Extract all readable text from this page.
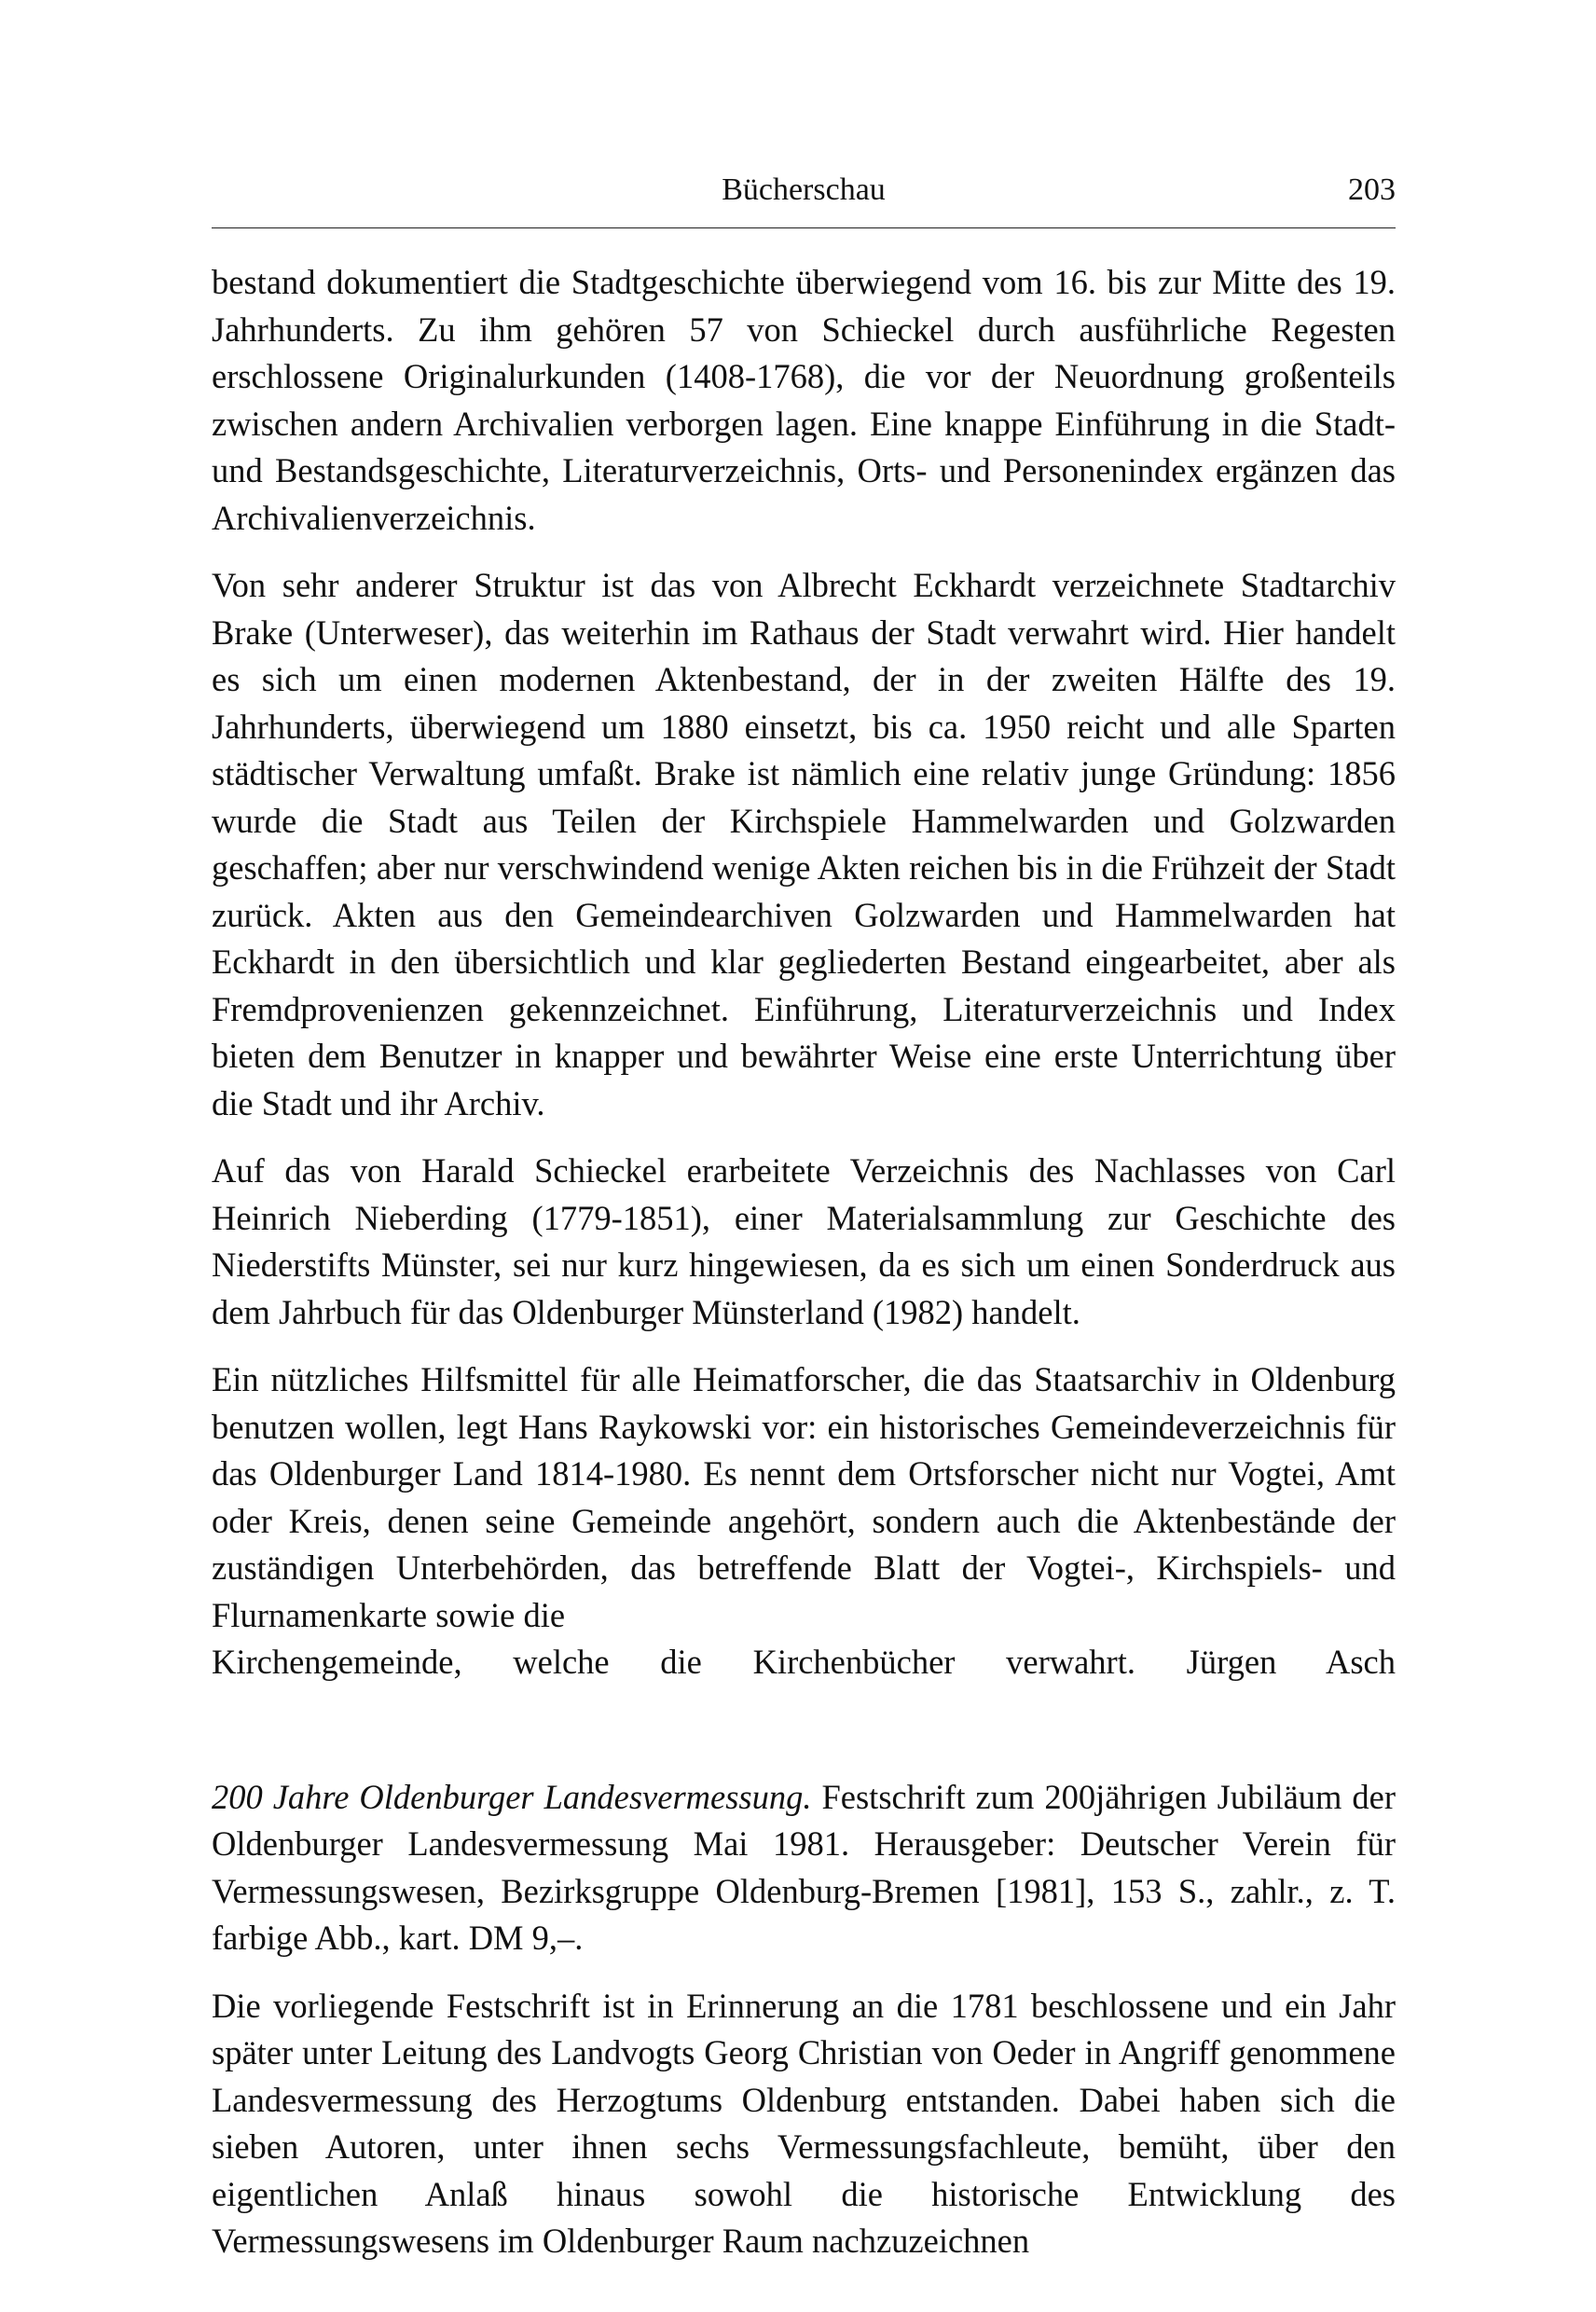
Bücherschau	203

bestand dokumentiert die Stadtgeschichte überwiegend vom 16. bis zur Mitte des 19. Jahrhunderts. Zu ihm gehören 57 von Schieckel durch ausführliche Regesten erschlossene Originalurkunden (1408-1768), die vor der Neuordnung großenteils zwischen andern Archivalien verborgen lagen. Eine knappe Einführung in die Stadt- und Bestandsgeschichte, Literaturverzeichnis, Orts- und Personenindex ergänzen das Archivalienverzeichnis.

Von sehr anderer Struktur ist das von Albrecht Eckhardt verzeichnete Stadtarchiv Brake (Unterweser), das weiterhin im Rathaus der Stadt verwahrt wird. Hier handelt es sich um einen modernen Aktenbestand, der in der zweiten Hälfte des 19. Jahrhunderts, überwiegend um 1880 einsetzt, bis ca. 1950 reicht und alle Sparten städtischer Verwaltung umfaßt. Brake ist nämlich eine relativ junge Gründung: 1856 wurde die Stadt aus Teilen der Kirchspiele Hammelwarden und Golzwarden geschaffen; aber nur verschwindend wenige Akten reichen bis in die Frühzeit der Stadt zurück. Akten aus den Gemeindearchiven Golzwarden und Hammelwarden hat Eckhardt in den übersichtlich und klar gegliederten Bestand eingearbeitet, aber als Fremdprovenienzen gekennzeichnet. Einführung, Literaturverzeichnis und Index bieten dem Benutzer in knapper und bewährter Weise eine erste Unterrichtung über die Stadt und ihr Archiv.

Auf das von Harald Schieckel erarbeitete Verzeichnis des Nachlasses von Carl Heinrich Nieberding (1779-1851), einer Materialsammlung zur Geschichte des Niederstifts Münster, sei nur kurz hingewiesen, da es sich um einen Sonderdruck aus dem Jahrbuch für das Oldenburger Münsterland (1982) handelt.

Ein nützliches Hilfsmittel für alle Heimatforscher, die das Staatsarchiv in Oldenburg benutzen wollen, legt Hans Raykowski vor: ein historisches Gemeindeverzeichnis für das Oldenburger Land 1814-1980. Es nennt dem Ortsforscher nicht nur Vogtei, Amt oder Kreis, denen seine Gemeinde angehört, sondern auch die Aktenbestände der zuständigen Unterbehörden, das betreffende Blatt der Vogtei-, Kirchspiels- und Flurnamenkarte sowie die
Kirchengemeinde, welche die Kirchenbücher verwahrt. Jürgen Asch

200 Jahre Oldenburger Landesvermessung. Festschrift zum 200jährigen Jubiläum der Oldenburger Landesvermessung Mai 1981. Herausgeber: Deutscher Verein für Vermessungswesen, Bezirksgruppe Oldenburg-Bremen [1981], 153 S., zahlr., z. T. farbige Abb., kart. DM 9,–.

Die vorliegende Festschrift ist in Erinnerung an die 1781 beschlossene und ein Jahr später unter Leitung des Landvogts Georg Christian von Oeder in Angriff genommene Landesvermessung des Herzogtums Oldenburg entstanden. Dabei haben sich die sieben Autoren, unter ihnen sechs Vermessungsfachleute, bemüht, über den eigentlichen Anlaß hinaus sowohl die historische Entwicklung des Vermessungswesens im Oldenburger Raum nachzuzeichnen
